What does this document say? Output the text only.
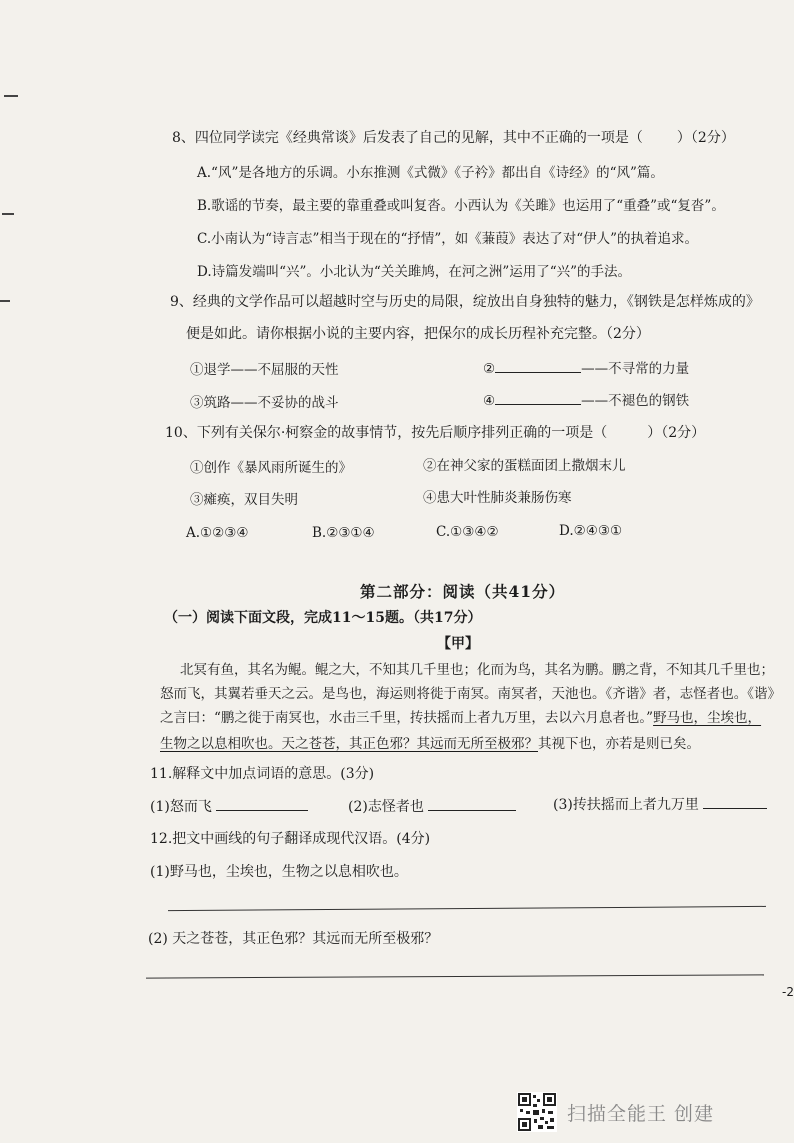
8、四位同学读完《经典常谈》后发表了自己的见解，其中不正确的一项是（ ）（2分）
A.“风”是各地方的乐调。小东推测《式微》《子衿》都出自《诗经》的“风”篇。
B.歌谣的节奏，最主要的靠重叠或叫复沓。小西认为《关雎》也运用了“重叠”或“复沓”。
C.小南认为“诗言志”相当于现在的“抒情”，如《蒹葭》表达了对“伊人”的执着追求。
D.诗篇发端叫“兴”。小北认为“关关雎鸠，在河之洲”运用了“兴”的手法。
9、经典的文学作品可以超越时空与历史的局限，绽放出自身独特的魅力，《钢铁是怎样炼成的》
便是如此。请你根据小说的主要内容，把保尔的成长历程补充完整。（2分）
①退学——不屈服的天性	②	——不寻常的力量
③筑路——不妥协的战斗	④	——不褪色的钢铁
10、下列有关保尔·柯察金的故事情节，按先后顺序排列正确的一项是（	）（2分）
①创作《暴风雨所诞生的》	②在神父家的蛋糕面团上撒烟末儿
③瘫痪，双目失明	④患大叶性肺炎兼肠伤寒
A.①②③④	B.②③①④	C.①③④②	D.②④③①
第二部分：阅读（共41分）
（一）阅读下面文段，完成11～15题。（共17分）
【甲】
北冥有鱼，其名为鲲。鲲之大，不知其几千里也；化而为鸟，其名为鹏。鹏之背，不知其几千里也；
怒而飞，其翼若垂天之云。是鸟也，海运则将徙于南冥。南冥者，天池也。《齐谐》者，志怪者也。《谐》
之言曰：“鹏之徙于南冥也，水击三千里，抟扶摇而上者九万里，去以六月息者也。”野马也，尘埃也，
生物之以息相吹也。天之苍苍，其正色邪？其远而无所至极邪？其视下也，亦若是则已矣。
11.解释文中加点词语的意思。(3分)
(1)怒而飞	(2)志怪者也	(3)抟扶摇而上者九万里
12.把文中画线的句子翻译成现代汉语。(4分)
(1)野马也，尘埃也，生物之以息相吹也。
(2) 天之苍苍，其正色邪？其远而无所至极邪？
-2
扫描全能王 创建
